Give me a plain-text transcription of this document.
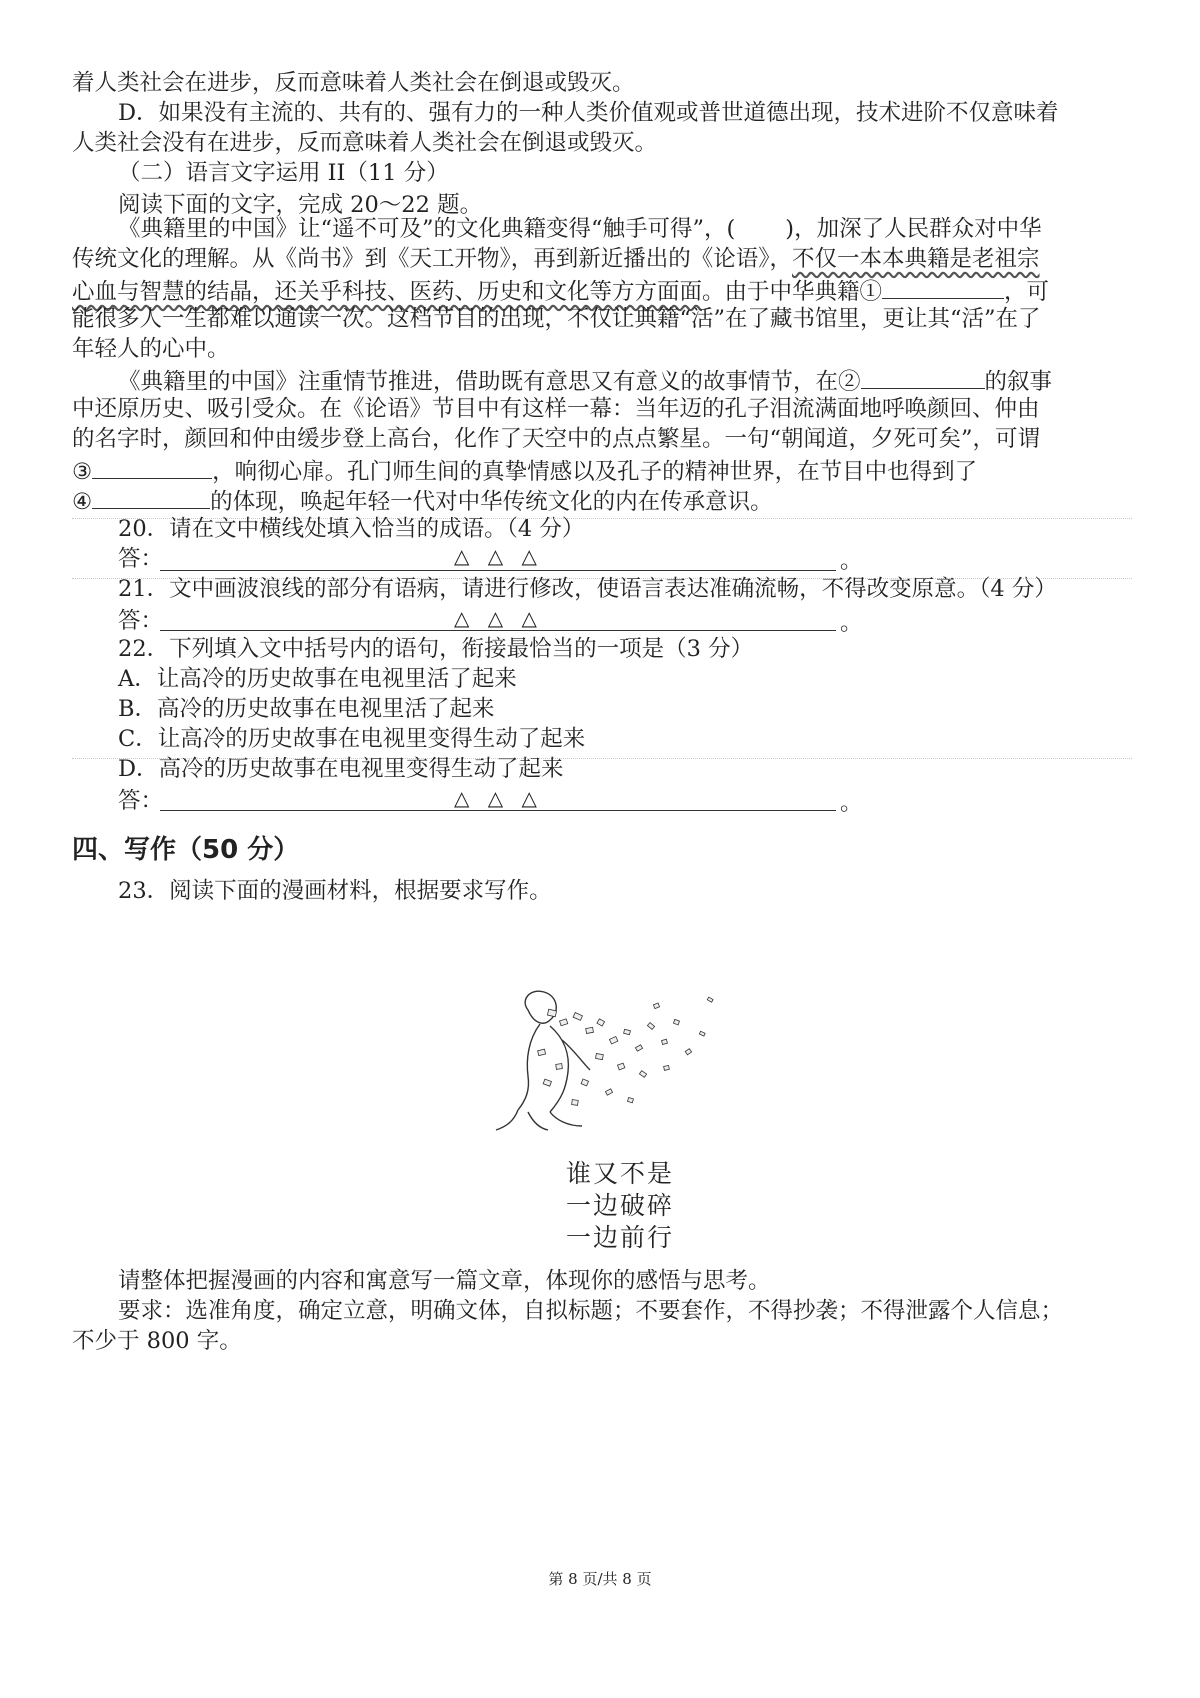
着人类社会在进步，反而意味着人类社会在倒退或毁灭。
D．如果没有主流的、共有的、强有力的一种人类价值观或普世道德出现，技术进阶不仅意味着
人类社会没有在进步，反而意味着人类社会在倒退或毁灭。
（二）语言文字运用 II（11 分）
阅读下面的文字，完成 20～22 题。
《典籍里的中国》让“遥不可及”的文化典籍变得“触手可得”，( )，加深了人民群众对中华
传统文化的理解。从《尚书》到《天工开物》，再到新近播出的《论语》，不仅一本本典籍是老祖宗
心血与智慧的结晶，还关乎科技、医药、历史和文化等方方面面。由于中华典籍①	，可
能很多人一生都难以通读一次。这档节目的出现，不仅让典籍“活”在了藏书馆里，更让其“活”在了
年轻人的心中。
《典籍里的中国》注重情节推进，借助既有意思又有意义的故事情节，在②	的叙事
中还原历史、吸引受众。在《论语》节目中有这样一幕：当年迈的孔子泪流满面地呼唤颜回、仲由
的名字时，颜回和仲由缓步登上高台，化作了天空中的点点繁星。一句“朝闻道，夕死可矣”，可谓
③	，响彻心扉。孔门师生间的真挚情感以及孔子的精神世界，在节目中也得到了
④	的体现，唤起年轻一代对中华传统文化的内在传承意识。
20．请在文中横线处填入恰当的成语。（4 分）
答：	△ △ △	。
21．文中画波浪线的部分有语病，请进行修改，使语言表达准确流畅，不得改变原意。（4 分）
答：	△ △ △	。
22．下列填入文中括号内的语句，衔接最恰当的一项是（3 分）
A．让高冷的历史故事在电视里活了起来
B．高冷的历史故事在电视里活了起来
C．让高冷的历史故事在电视里变得生动了起来
D．高冷的历史故事在电视里变得生动了起来
答：	△ △ △	。
四、写作（50 分）
23．阅读下面的漫画材料，根据要求写作。
谁又不是
一边破碎
一边前行
请整体把握漫画的内容和寓意写一篇文章，体现你的感悟与思考。
要求：选准角度，确定立意，明确文体，自拟标题；不要套作，不得抄袭；不得泄露个人信息；
不少于 800 字。
第 8 页/共 8 页
